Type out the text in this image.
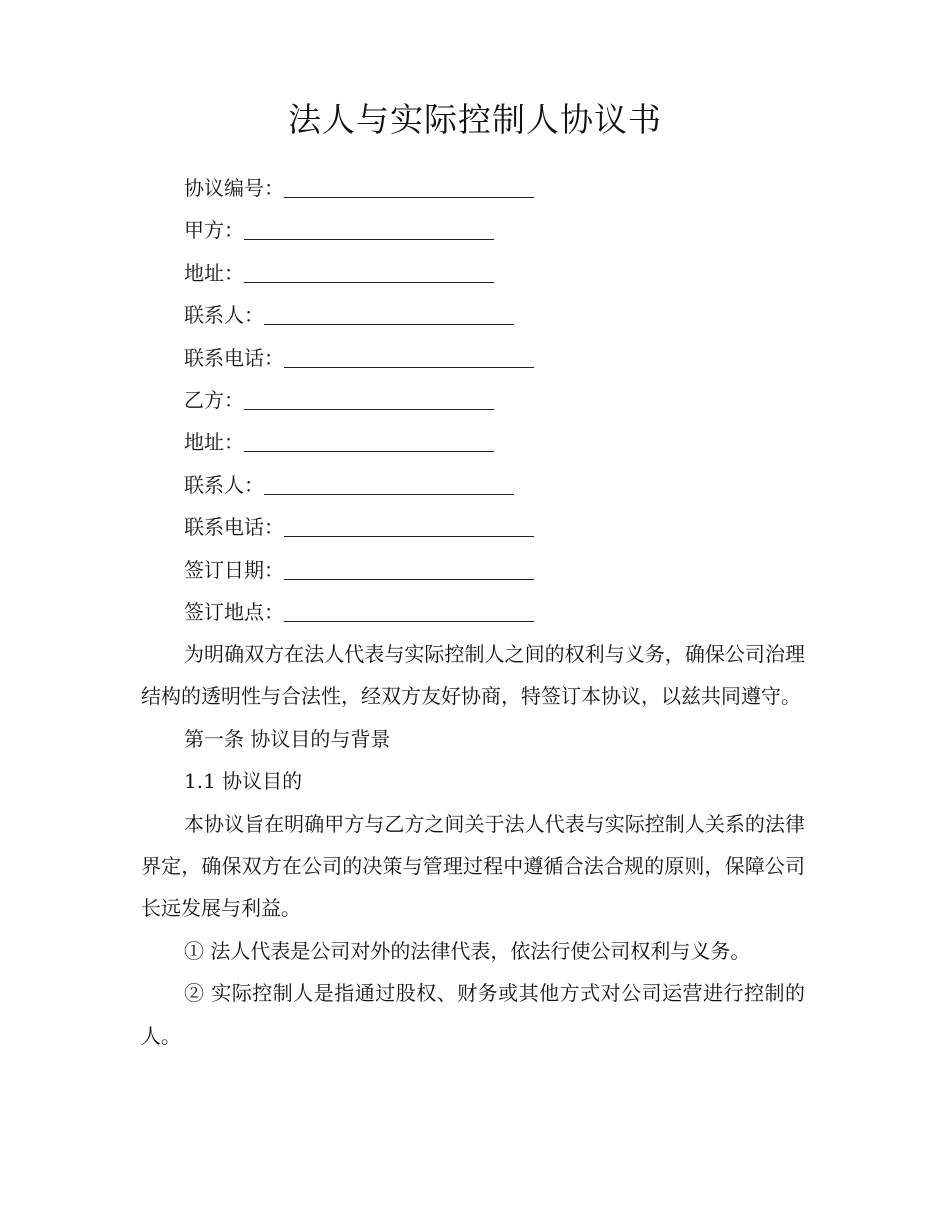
法人与实际控制人协议书
协议编号：
甲方：
地址：
联系人：
联系电话：
乙方：
地址：
联系人：
联系电话：
签订日期：
签订地点：

为明确双方在法人代表与实际控制人之间的权利与义务，确保公司治理结构的透明性与合法性，经双方友好协商，特签订本协议，以兹共同遵守。

第一条 协议目的与背景

1.1 协议目的

本协议旨在明确甲方与乙方之间关于法人代表与实际控制人关系的法律界定，确保双方在公司的决策与管理过程中遵循合法合规的原则，保障公司长远发展与利益。

① 法人代表是公司对外的法律代表，依法行使公司权利与义务。

② 实际控制人是指通过股权、财务或其他方式对公司运营进行控制的人。
